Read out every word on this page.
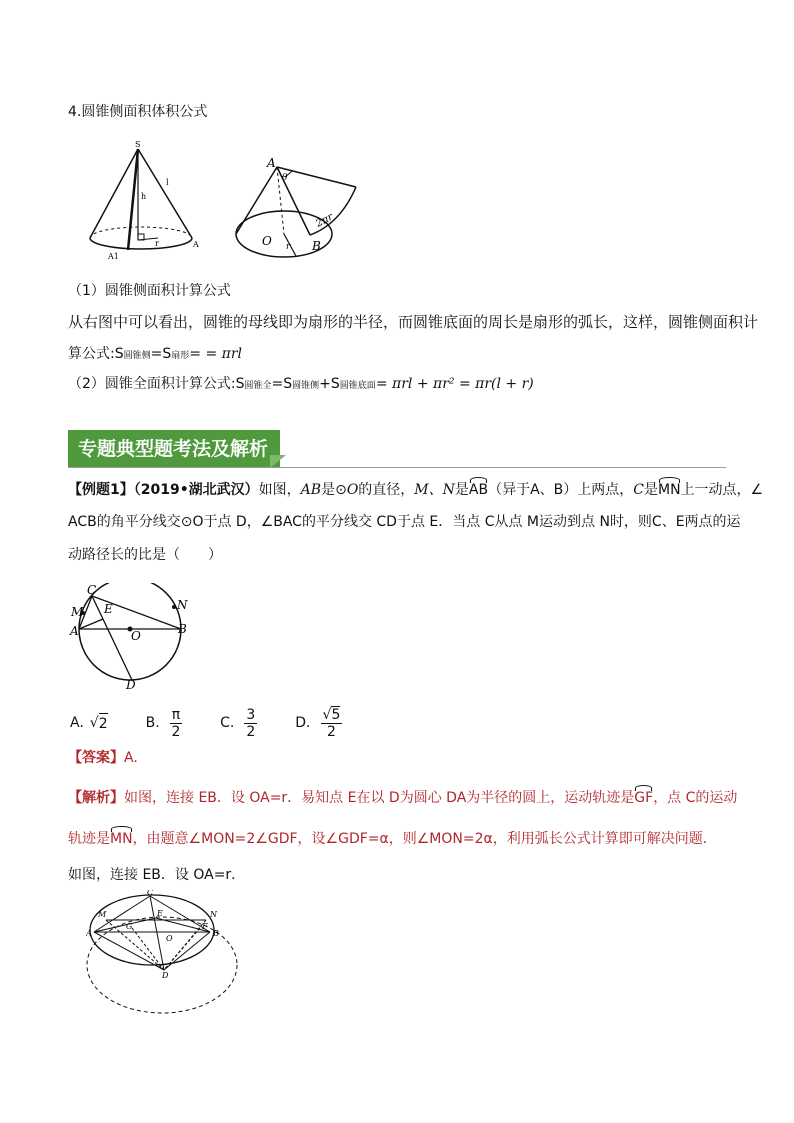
4.圆锥侧面积体积公式
S
h
l
r	A
A1
A
θ
2πr
O r B
（1）圆锥侧面积计算公式
从右图中可以看出，圆锥的母线即为扇形的半径，而圆锥底面的周长是扇形的弧长，这样，圆锥侧面积计
算公式:S圆锥侧=S扇形= = πrl
（2）圆锥全面积计算公式:S圆锥全=S圆锥侧+S圆锥底面= πrl + πr² = πr(l + r)
专题典型题考法及解析
【例题1】（2019•湖北武汉）如图，AB是⊙O的直径，M、N是AB（异于A、B）上两点，C是MN上一动点，∠
ACB的角平分线交⊙O于点 D，∠BAC的平分线交 CD于点 E．当点 C从点 M运动到点 N时，则C、E两点的运
动路径长的比是（　　）
C
M E	N
A	O	B
D
A. √ 2	B. $\frac{\pi}{2}$	C. $\frac{3}{2}$	D. $\frac{√5}{2}$
【答案】A.
【解析】如图，连接 EB．设 OA=r．易知点 E在以 D为圆心 DA为半径的圆上，运动轨迹是GF，点 C的运动
轨迹是MN，由题意∠MON=2∠GDF，设∠GDF=α，则∠MON=2α，利用弧长公式计算即可解决问题．
如图，连接 EB．设 OA=r．
C
M	N
E
A	B
G	F
O
D
